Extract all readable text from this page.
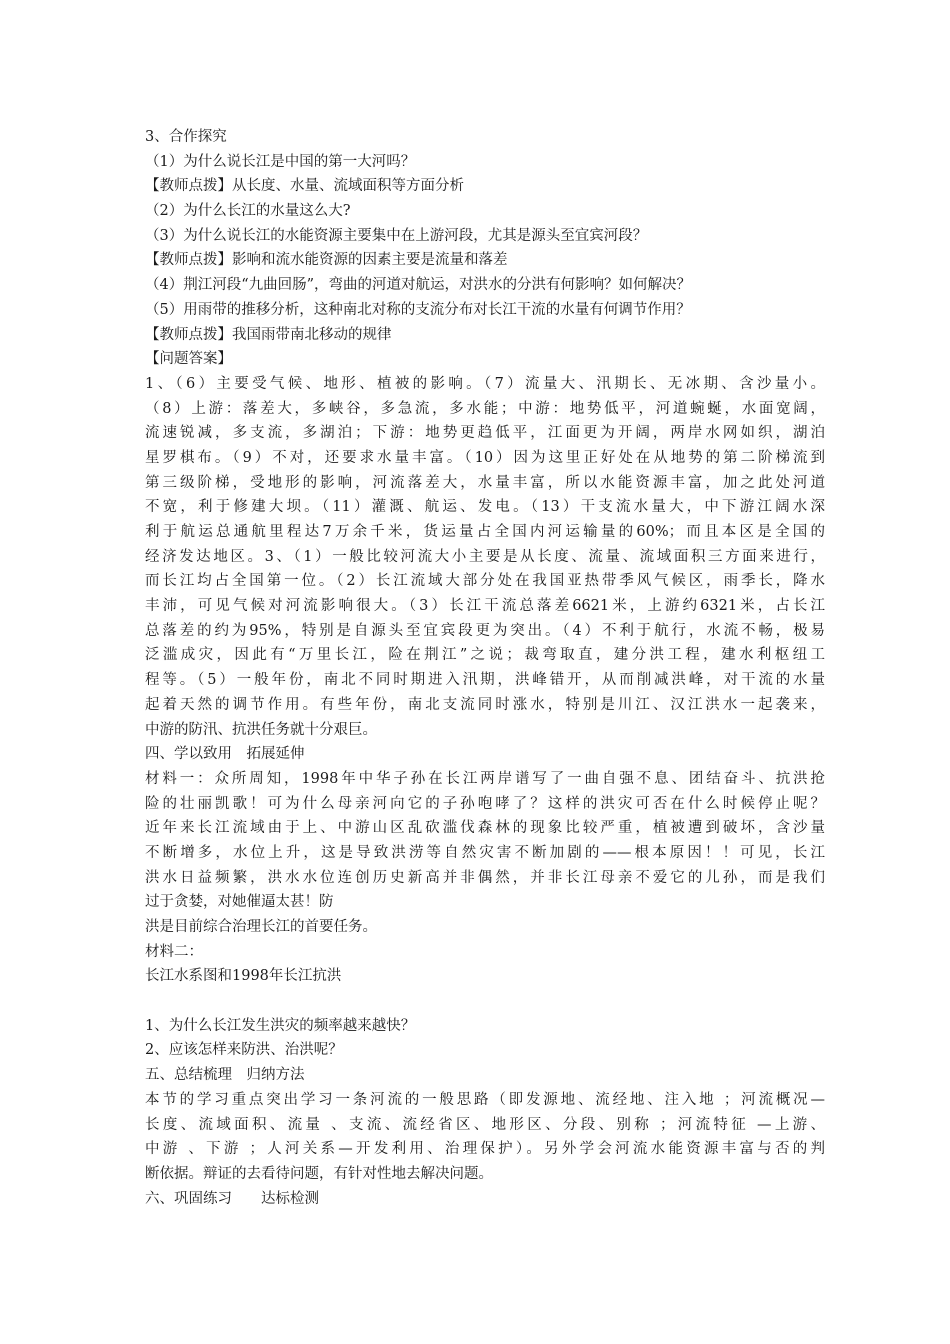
3、合作探究
（1）为什么说长江是中国的第一大河吗？
【教师点拨】从长度、水量、流域面积等方面分析
（2）为什么长江的水量这么大?
（3）为什么说长江的水能资源主要集中在上游河段，尤其是源头至宜宾河段？
【教师点拨】影响和流水能资源的因素主要是流量和落差
（4）荆江河段“九曲回肠”，弯曲的河道对航运，对洪水的分洪有何影响？如何解决？
（5）用雨带的推移分析，这种南北对称的支流分布对长江干流的水量有何调节作用？
【教师点拨】我国雨带南北移动的规律
【问题答案】
1、（6）主要受气候、地形、植被的影响。（7）流量大、汛期长、无冰期、含沙量小。
（8）上游：落差大，多峡谷，多急流，多水能；中游：地势低平，河道蜿蜒，水面宽阔，
流速锐减，多支流，多湖泊；下游：地势更趋低平，江面更为开阔，两岸水网如织，湖泊
星罗棋布。（9）不对，还要求水量丰富。（10）因为这里正好处在从地势的第二阶梯流到
第三级阶梯，受地形的影响，河流落差大，水量丰富，所以水能资源丰富，加之此处河道
不宽，利于修建大坝。（11）灌溉、航运、发电。（13）干支流水量大，中下游江阔水深
利于航运总通航里程达7万余千米，货运量占全国内河运输量的60%；而且本区是全国的
经济发达地区。3、（1）一般比较河流大小主要是从长度、流量、流域面积三方面来进行，
而长江均占全国第一位。（2）长江流域大部分处在我国亚热带季风气候区，雨季长，降水
丰沛，可见气候对河流影响很大。（3）长江干流总落差6621米，上游约6321米，占长江
总落差的约为95%，特别是自源头至宜宾段更为突出。（4）不利于航行，水流不畅，极易
泛滥成灾，因此有“万里长江，险在荆江”之说；裁弯取直，建分洪工程，建水利枢纽工
程等。（5）一般年份，南北不同时期进入汛期，洪峰错开，从而削减洪峰，对干流的水量
起着天然的调节作用。有些年份，南北支流同时涨水，特别是川江、汉江洪水一起袭来，
中游的防汛、抗洪任务就十分艰巨。
四、学以致用　拓展延伸
材料一：众所周知，1998年中华子孙在长江两岸谱写了一曲自强不息、团结奋斗、抗洪抢
险的壮丽凯歌！可为什么母亲河向它的子孙咆哮了？这样的洪灾可否在什么时候停止呢？
近年来长江流域由于上、中游山区乱砍滥伐森林的现象比较严重，植被遭到破坏，含沙量
不断增多，水位上升，这是导致洪涝等自然灾害不断加剧的——根本原因！！可见，长江
洪水日益频繁，洪水水位连创历史新高并非偶然，并非长江母亲不爱它的儿孙，而是我们
过于贪婪，对她催逼太甚！防
洪是目前综合治理长江的首要任务。
材料二：
长江水系图和1998年长江抗洪
1、为什么长江发生洪灾的频率越来越快？
2、应该怎样来防洪、治洪呢？
五、总结梳理　归纳方法
本节的学习重点突出学习一条河流的一般思路（即发源地、流经地、注入地 ；河流概况—
长度、流域面积、流量 、支流、流经省区、地形区、分段、别称 ；河流特征 —上游、
中游 、下游 ；人河关系—开发利用、治理保护）。另外学会河流水能资源丰富与否的判
断依据。辩证的去看待问题，有针对性地去解决问题。
六、巩固练习　　达标检测
